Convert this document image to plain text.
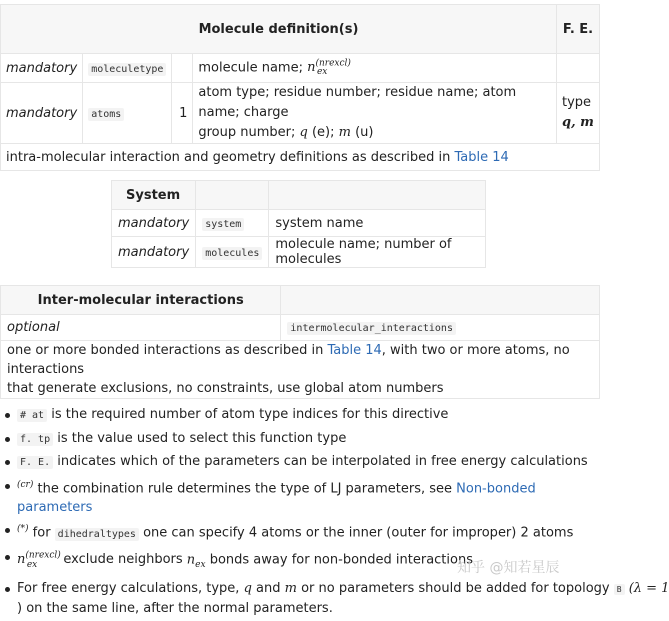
Molecule definition(s)				F. E.
mandatory	moleculetype		molecule name; $n^{(nrexcl)}_{ex}$	
mandatory	atoms	1	atom type; residue number; residue name; atom name; charge
group number; q (e); m (u)	type
q, m
intra-molecular interaction and geometry definitions as described in Table 14				
System		
mandatory	system	system name
mandatory	molecules	molecule name; number of molecules
Inter-molecular interactions	
optional	intermolecular_interactions
one or more bonded interactions as described in Table 14, with two or more atoms, no interactions
that generate exclusions, no constraints, use global atom numbers	
# at is the required number of atom type indices for this directive
f. tp is the value used to select this function type
F. E. indicates which of the parameters can be interpolated in free energy calculations
$^{(cr)}$ the combination rule determines the type of LJ parameters, see Non-bonded parameters
(*) for dihedraltypes one can specify 4 atoms or the inner (outer for improper) 2 atoms
$n^{(nrexcl)}_{ex}$ exclude neighbors $n_{ex}$ bonds away for non-bonded interactions
For free energy calculations, type, q and m or no parameters should be added for topology B (λ = 1
) on the same line, after the normal parameters.
知乎 @知若星辰
